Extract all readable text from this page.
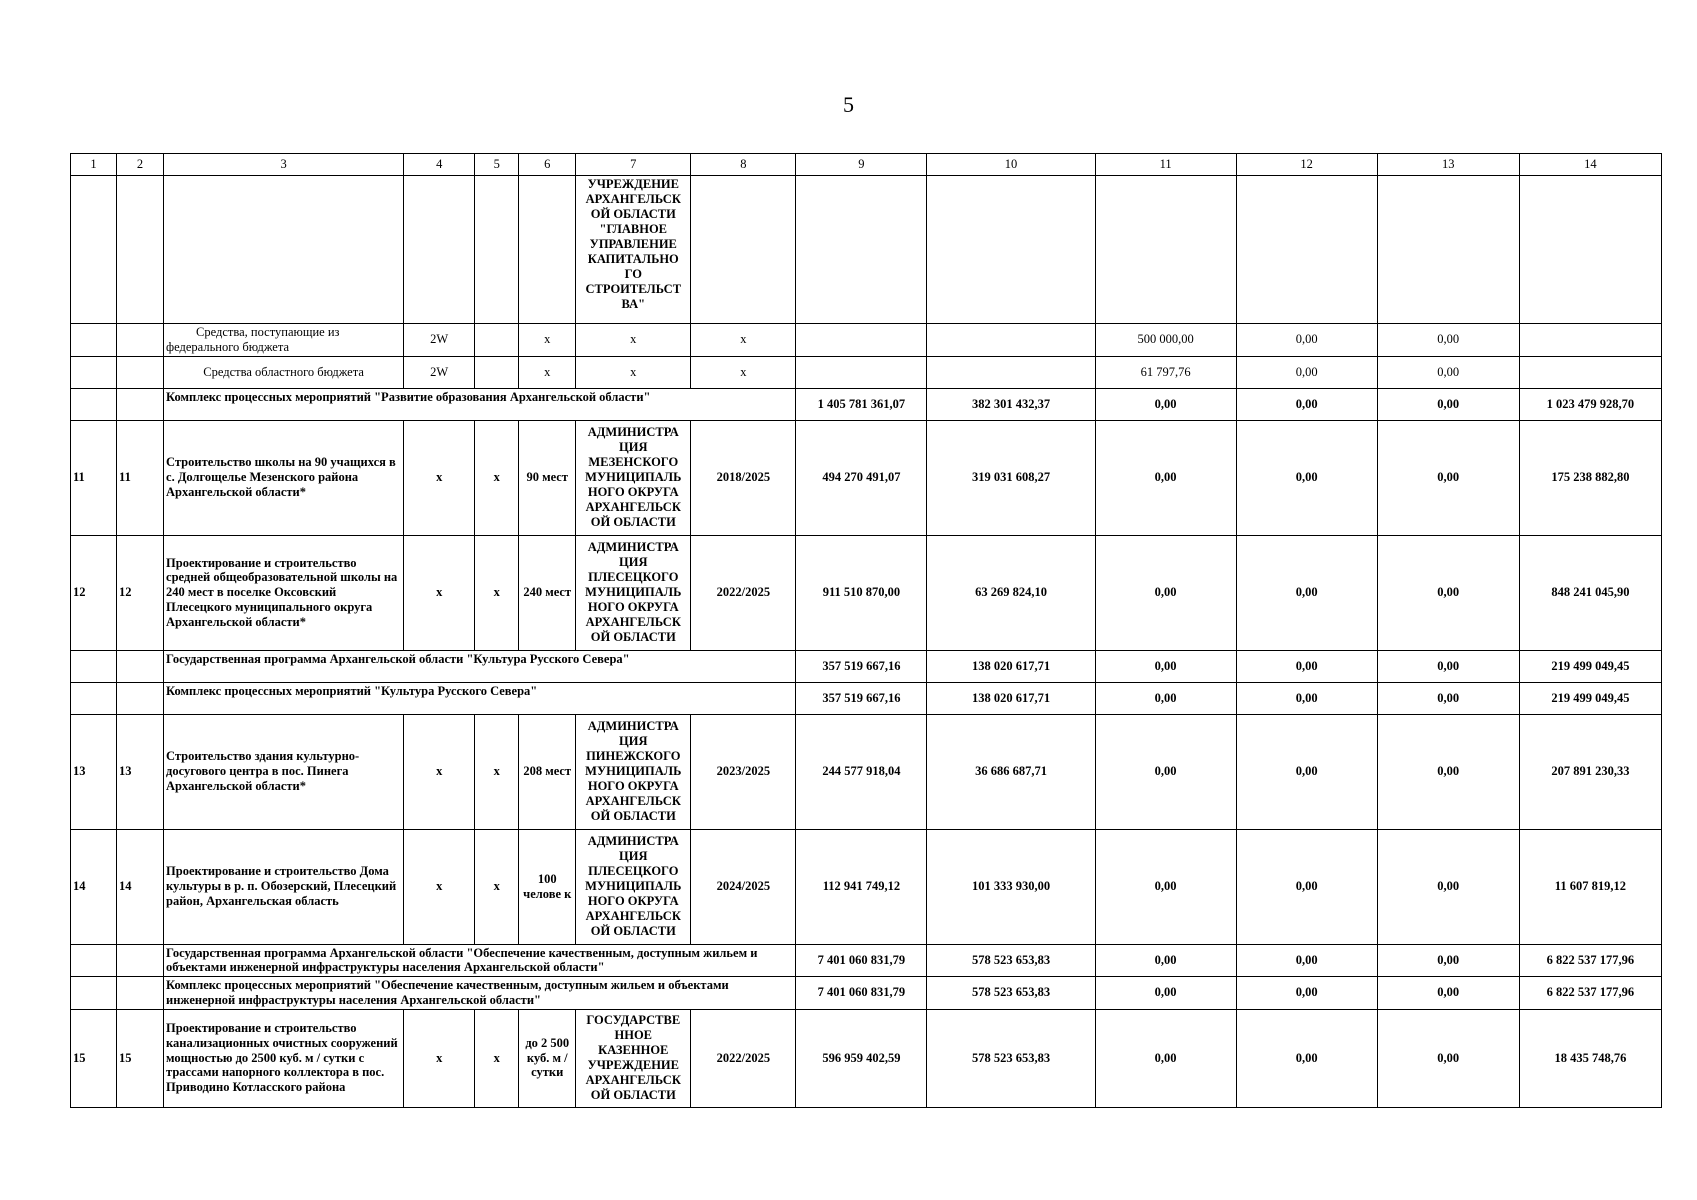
5
1	2	3	4	5	6	7	8	9	10	11	12	13	14
						УЧРЕЖДЕНИЕ АРХАНГЕЛЬСК ОЙ ОБЛАСТИ "ГЛАВНОЕ УПРАВЛЕНИЕ КАПИТАЛЬНО ГО СТРОИТЕЛЬСТ ВА"							
		Средства, поступающие из федерального бюджета	2W		x	x	x			500 000,00	0,00	0,00	
		Средства областного бюджета	2W		x	x	x			61 797,76	0,00	0,00	
		Комплекс процессных мероприятий "Развитие образования Архангельской области"						1 405 781 361,07	382 301 432,37	0,00	0,00	0,00	1 023 479 928,70
11	11	Строительство школы на 90 учащихся в с. Долгощелье Мезенского района Архангельской области*	x	x	90 мест	АДМИНИСТРА ЦИЯ МЕЗЕНСКОГО МУНИЦИПАЛЬ НОГО ОКРУГА АРХАНГЕЛЬСК ОЙ ОБЛАСТИ	2018/2025	494 270 491,07	319 031 608,27	0,00	0,00	0,00	175 238 882,80
12	12	Проектирование и строительство средней общеобразовательной школы на 240 мест в поселке Оксовский Плесецкого муниципального округа Архангельской области*	x	x	240 мест	АДМИНИСТРА ЦИЯ ПЛЕСЕЦКОГО МУНИЦИПАЛЬ НОГО ОКРУГА АРХАНГЕЛЬСК ОЙ ОБЛАСТИ	2022/2025	911 510 870,00	63 269 824,10	0,00	0,00	0,00	848 241 045,90
		Государственная программа Архангельской области "Культура Русского Севера"						357 519 667,16	138 020 617,71	0,00	0,00	0,00	219 499 049,45
		Комплекс процессных мероприятий "Культура Русского Севера"						357 519 667,16	138 020 617,71	0,00	0,00	0,00	219 499 049,45
13	13	Строительство здания культурно-досугового центра в пос. Пинега Архангельской области*	x	x	208 мест	АДМИНИСТРА ЦИЯ ПИНЕЖСКОГО МУНИЦИПАЛЬ НОГО ОКРУГА АРХАНГЕЛЬСК ОЙ ОБЛАСТИ	2023/2025	244 577 918,04	36 686 687,71	0,00	0,00	0,00	207 891 230,33
14	14	Проектирование и строительство Дома культуры в р. п. Обозерский, Плесецкий район, Архангельская область	x	x	100 челове к	АДМИНИСТРА ЦИЯ ПЛЕСЕЦКОГО МУНИЦИПАЛЬ НОГО ОКРУГА АРХАНГЕЛЬСК ОЙ ОБЛАСТИ	2024/2025	112 941 749,12	101 333 930,00	0,00	0,00	0,00	11 607 819,12
		Государственная программа Архангельской области "Обеспечение качественным, доступным жильем и объектами инженерной инфраструктуры населения Архангельской области"						7 401 060 831,79	578 523 653,83	0,00	0,00	0,00	6 822 537 177,96
		Комплекс процессных мероприятий "Обеспечение качественным, доступным жильем и объектами инженерной инфраструктуры населения Архангельской области"						7 401 060 831,79	578 523 653,83	0,00	0,00	0,00	6 822 537 177,96
15	15	Проектирование и строительство канализационных очистных сооружений мощностью до 2500 куб. м / сутки с трассами напорного коллектора в пос. Приводино Котласского района	x	x	до 2 500 куб. м / сутки	ГОСУДАРСТВЕ ННОЕ КАЗЕННОЕ УЧРЕЖДЕНИЕ АРХАНГЕЛЬСК ОЙ ОБЛАСТИ	2022/2025	596 959 402,59	578 523 653,83	0,00	0,00	0,00	18 435 748,76
